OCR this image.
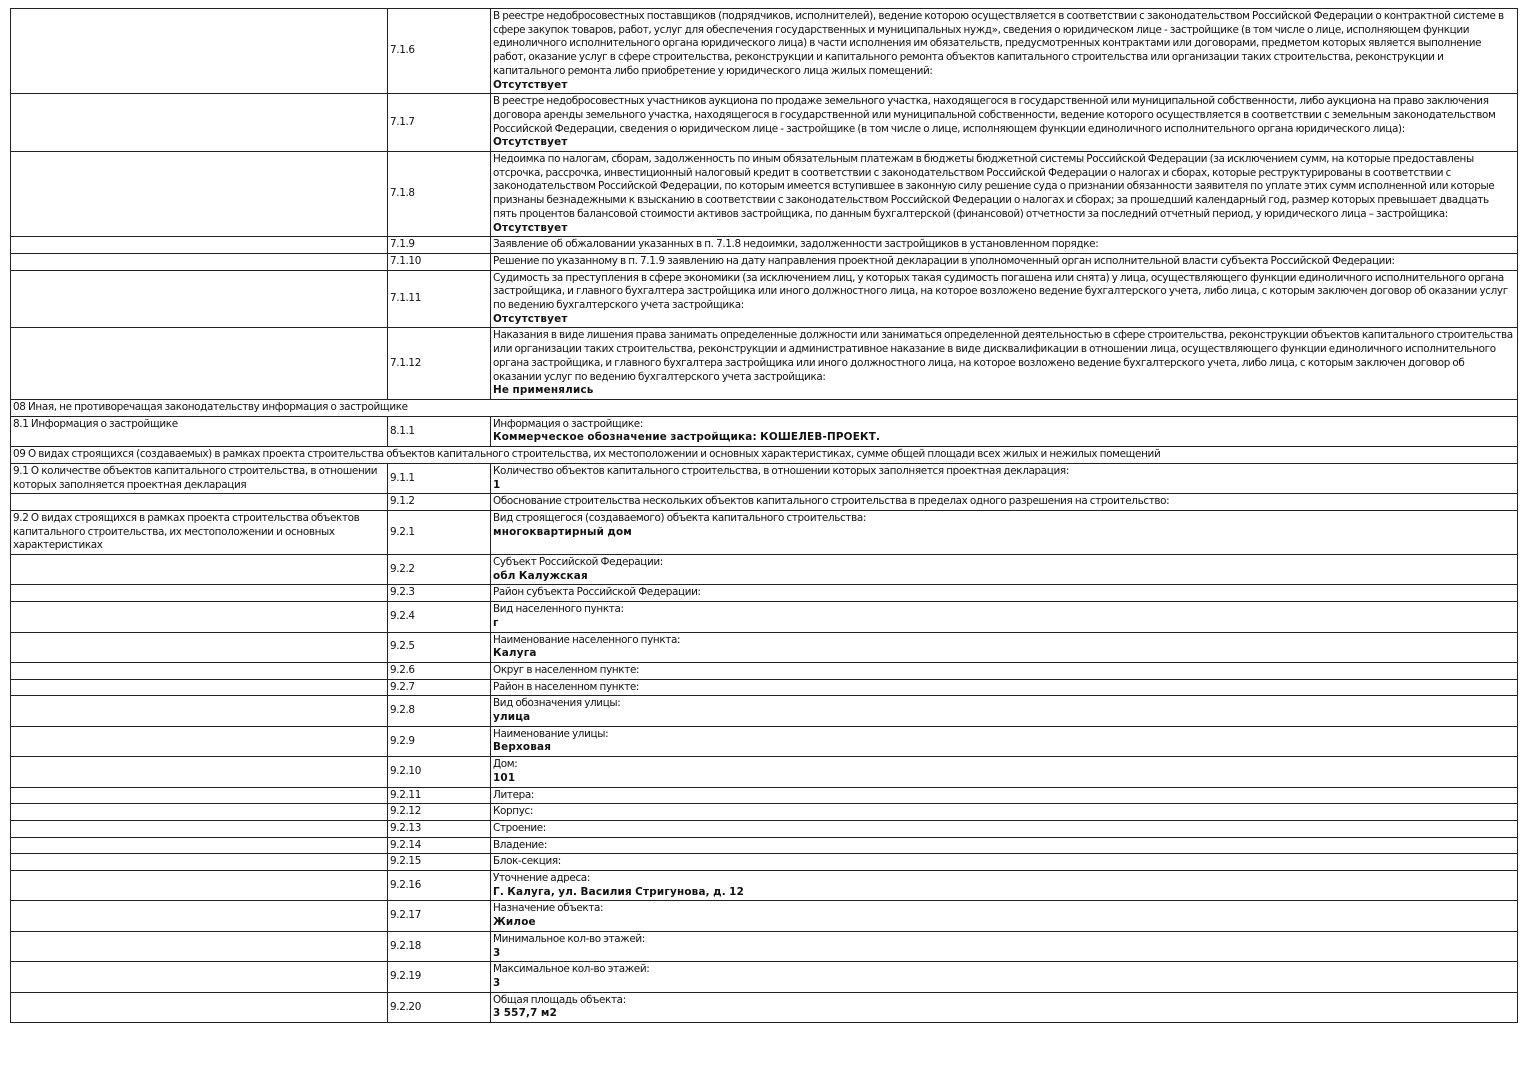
	7.1.6	В реестре недобросовестных поставщиков (подрядчиков, исполнителей), ведение которою осуществляется в соответствии с законодательством Российской Федерации о контрактной системе в сфере закупок товаров, работ, услуг для обеспечения государственных и муниципальных нужд», сведения о юридическом лице - застройщике (в том числе о лице, исполняющем функции единоличного исполнительного органа юридического лица) в части исполнения им обязательств, предусмотренных контрактами или договорами, предметом которых является выполнение работ, оказание услуг в сфере строительства, реконструкции и капитального ремонта объектов капитального строительства или организации таких строительства, реконструкции и капитального ремонта либо приобретение у юридического лица жилых помещений:
Отсутствует

	7.1.7	В реестре недобросовестных участников аукциона по продаже земельного участка, находящегося в государственной или муниципальной собственности, либо аукциона на право заключения договора аренды земельного участка, находящегося в государственной или муниципальной собственности, ведение которого осуществляется в соответствии с земельным законодательством Российской Федерации, сведения о юридическом лице - застройщике (в том числе о лице, исполняющем функции единоличного исполнительного органа юридического лица):
Отсутствует

	7.1.8	Недоимка по налогам, сборам, задолженность по иным обязательным платежам в бюджеты бюджетной системы Российской Федерации (за исключением сумм, на которые предоставлены отсрочка, рассрочка, инвестиционный налоговый кредит в соответствии с законодательством Российской Федерации о налогах и сборах, которые реструктурированы в соответствии с законодательством Российской Федерации, по которым имеется вступившее в законную силу решение суда о признании обязанности заявителя по уплате этих сумм исполненной или которые признаны безнадежными к взысканию в соответствии с законодательством Российской Федерации о налогах и сборах; за прошедший календарный год, размер которых превышает двадцать пять процентов балансовой стоимости активов застройщика, по данным бухгалтерской (финансовой) отчетности за последний отчетный период, у юридического лица – застройщика:
Отсутствует

	7.1.9	Заявление об обжаловании указанных в п. 7.1.8 недоимки, задолженности застройщиков в установленном порядке:
	7.1.10	Решение по указанному в п. 7.1.9 заявлению на дату направления проектной декларации в уполномоченный орган исполнительной власти субъекта Российской Федерации:
	7.1.11	Судимость за преступления в сфере экономики (за исключением лиц, у которых такая судимость погашена или снята) у лица, осуществляющего функции единоличного исполнительного органа застройщика, и главного бухгалтера застройщика или иного должностного лица, на которое возложено ведение бухгалтерского учета, либо лица, с которым заключен договор об оказании услуг по ведению бухгалтерского учета застройщика:
Отсутствует

	7.1.12	Наказания в виде лишения права занимать определенные должности или заниматься определенной деятельностью в сфере строительства, реконструкции объектов капитального строительства или организации таких строительства, реконструкции и административное наказание в виде дисквалификации в отношении лица, осуществляющего функции единоличного исполнительного органа застройщика, и главного бухгалтера застройщика или иного должностного лица, на которое возложено ведение бухгалтерского учета, либо лица, с которым заключен договор об оказании услуг по ведению бухгалтерского учета застройщика:
Не применялись

08 Иная, не противоречащая законодательству информация о застройщике		
8.1 Информация о застройщике	8.1.1	Информация о застройщике:
Коммерческое обозначение застройщика: КОШЕЛЕВ-ПРОЕКТ.

09 О видах строящихся (создаваемых) в рамках проекта строительства объектов капитального строительства, их местоположении и основных характеристиках, сумме общей площади всех жилых и нежилых помещений		
9.1 О количестве объектов капитального строительства, в отношении которых заполняется проектная декларация	9.1.1	Количество объектов капитального строительства, в отношении которых заполняется проектная декларация:
1

	9.1.2	Обоснование строительства нескольких объектов капитального строительства в пределах одного разрешения на строительство:
9.2 О видах строящихся в рамках проекта строительства объектов капитального строительства, их местоположении и основных характеристиках	9.2.1	Вид строящегося (создаваемого) объекта капитального строительства:
многоквартирный дом

	9.2.2	Субъект Российской Федерации:
обл Калужская

	9.2.3	Район субъекта Российской Федерации:
	9.2.4	Вид населенного пункта:
г

	9.2.5	Наименование населенного пункта:
Калуга

	9.2.6	Округ в населенном пункте:
	9.2.7	Район в населенном пункте:
	9.2.8	Вид обозначения улицы:
улица

	9.2.9	Наименование улицы:
Верховая

	9.2.10	Дом:
101

	9.2.11	Литера:
	9.2.12	Корпус:
	9.2.13	Строение:
	9.2.14	Владение:
	9.2.15	Блок-секция:
	9.2.16	Уточнение адреса:
Г. Калуга, ул. Василия Стригунова, д. 12

	9.2.17	Назначение объекта:
Жилое

	9.2.18	Минимальное кол-во этажей:
3

	9.2.19	Максимальное кол-во этажей:
3

	9.2.20	Общая площадь объекта:
3 557,7 м2
